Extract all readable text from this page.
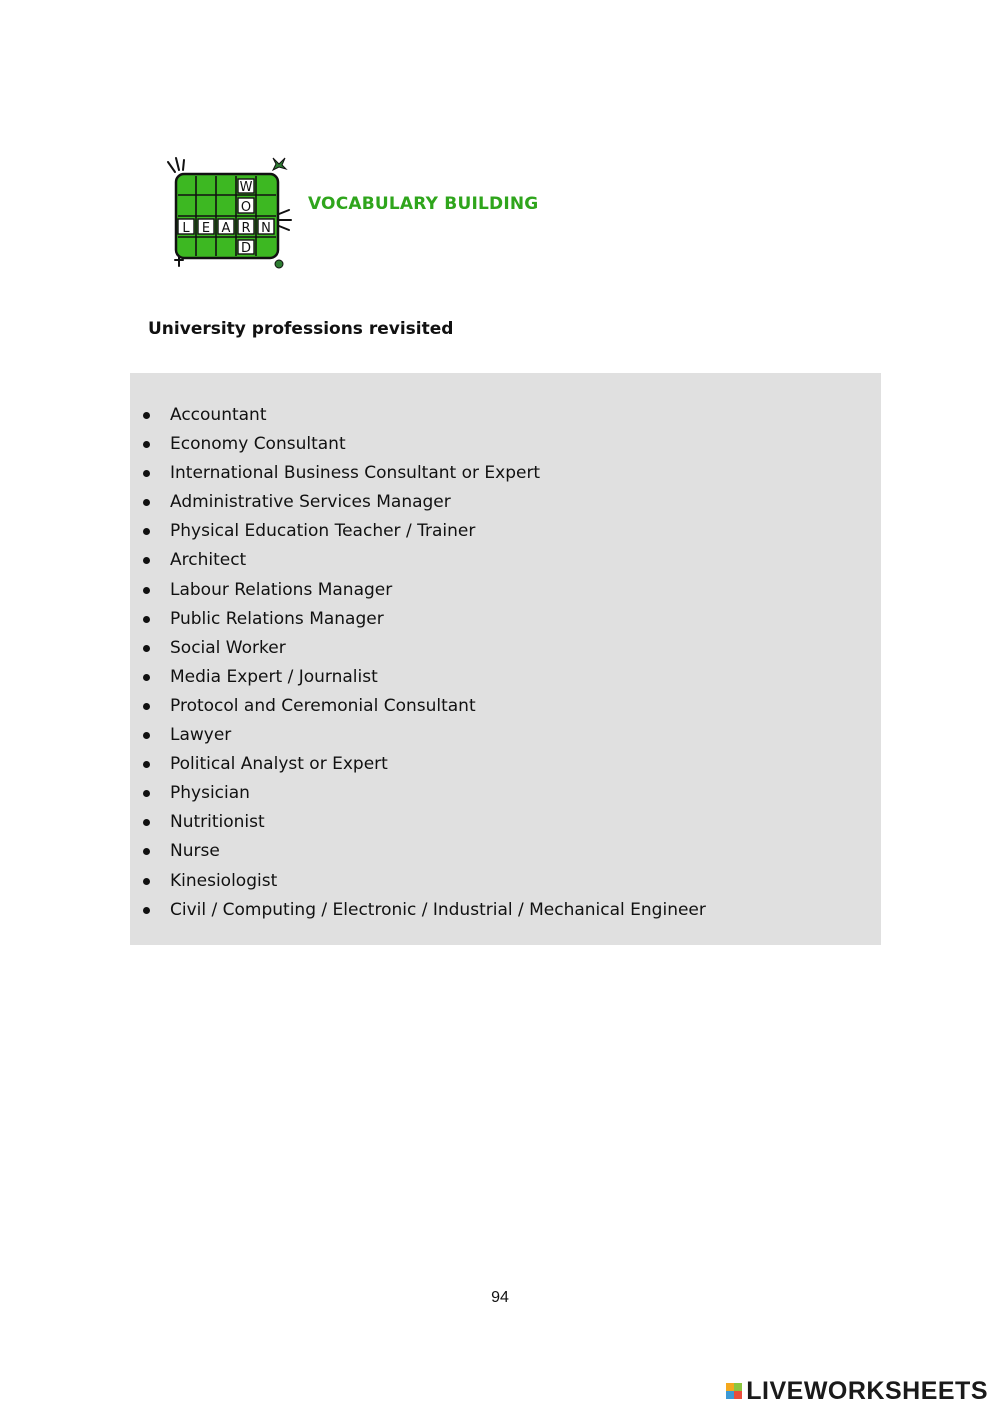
W
O
L E A R N
D
VOCABULARY BUILDING
University professions revisited
Accountant
Economy Consultant
International Business Consultant or Expert
Administrative Services Manager
Physical Education Teacher / Trainer
Architect
Labour Relations Manager
Public Relations Manager
Social Worker
Media Expert / Journalist
Protocol and Ceremonial Consultant
Lawyer
Political Analyst or Expert
Physician
Nutritionist
Nurse
Kinesiologist
Civil / Computing / Electronic / Industrial / Mechanical Engineer
94
LIVEWORKSHEETS
